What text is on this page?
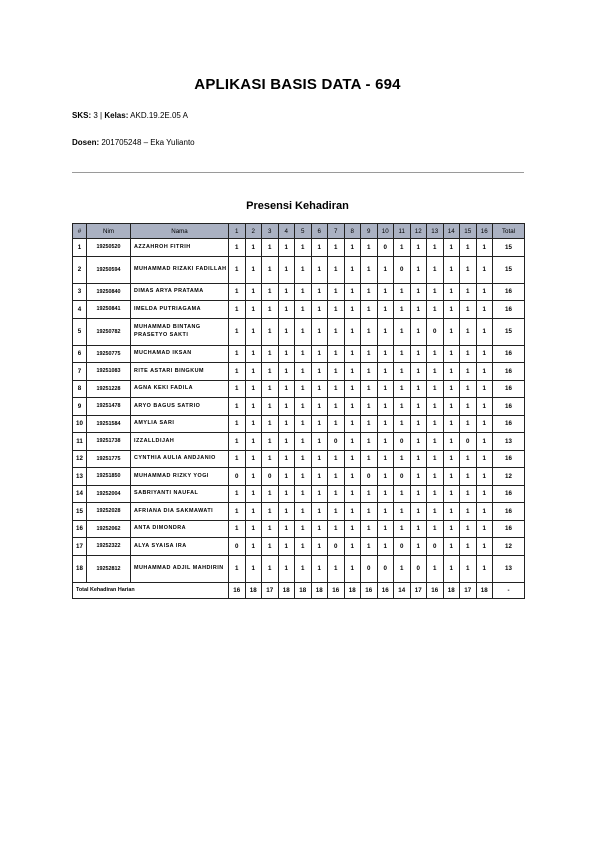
APLIKASI BASIS DATA - 694
SKS: 3 | Kelas: AKD.19.2E.05 A
Dosen: 201705248 – Eka Yulianto
Presensi Kehadiran
#	Nim	Nama	1	2	3	4	5	6	7	8	9	10	11	12	13	14	15	16	Total
1	19250520	AZZAHROH FITRIH	1	1	1	1	1	1	1	1	1	0	1	1	1	1	1	1	15
2	19250594	MUHAMMAD RIZAKI FADILLAH	1	1	1	1	1	1	1	1	1	1	0	1	1	1	1	1	15
3	19250840	DIMAS ARYA PRATAMA	1	1	1	1	1	1	1	1	1	1	1	1	1	1	1	1	16
4	19250841	IMELDA PUTRIAGAMA	1	1	1	1	1	1	1	1	1	1	1	1	1	1	1	1	16
5	19250782	MUHAMMAD BINTANG PRASETYO SAKTI	1	1	1	1	1	1	1	1	1	1	1	1	0	1	1	1	15
6	19250775	MUCHAMAD IKSAN	1	1	1	1	1	1	1	1	1	1	1	1	1	1	1	1	16
7	19251083	RITE ASTARI BINGKUM	1	1	1	1	1	1	1	1	1	1	1	1	1	1	1	1	16
8	19251228	AGNA KEKI FADILA	1	1	1	1	1	1	1	1	1	1	1	1	1	1	1	1	16
9	19251478	ARYO BAGUS SATRIO	1	1	1	1	1	1	1	1	1	1	1	1	1	1	1	1	16
10	19251584	AMYLIA SARI	1	1	1	1	1	1	1	1	1	1	1	1	1	1	1	1	16
11	19251738	IZZALLDIJAH	1	1	1	1	1	1	0	1	1	1	0	1	1	1	0	1	13
12	19251775	CYNTHIA AULIA ANDJANIO	1	1	1	1	1	1	1	1	1	1	1	1	1	1	1	1	16
13	19251850	MUHAMMAD RIZKY YOGI	0	1	0	1	1	1	1	1	0	1	0	1	1	1	1	1	12
14	19252004	SABRIYANTI NAUFAL	1	1	1	1	1	1	1	1	1	1	1	1	1	1	1	1	16
15	19252028	AFRIANA DIA SAKMAWATI	1	1	1	1	1	1	1	1	1	1	1	1	1	1	1	1	16
16	19252062	ANTA DIMONDRA	1	1	1	1	1	1	1	1	1	1	1	1	1	1	1	1	16
17	19252322	ALYA SYAISA IRA	0	1	1	1	1	1	0	1	1	1	0	1	0	1	1	1	12
18	19252812	MUHAMMAD ADJIL MAHDIRIN	1	1	1	1	1	1	1	1	0	0	1	0	1	1	1	1	13
Total Kehadiran Harian			16	18	17	18	18	18	16	18	16	16	14	17	16	18	17	18	-
